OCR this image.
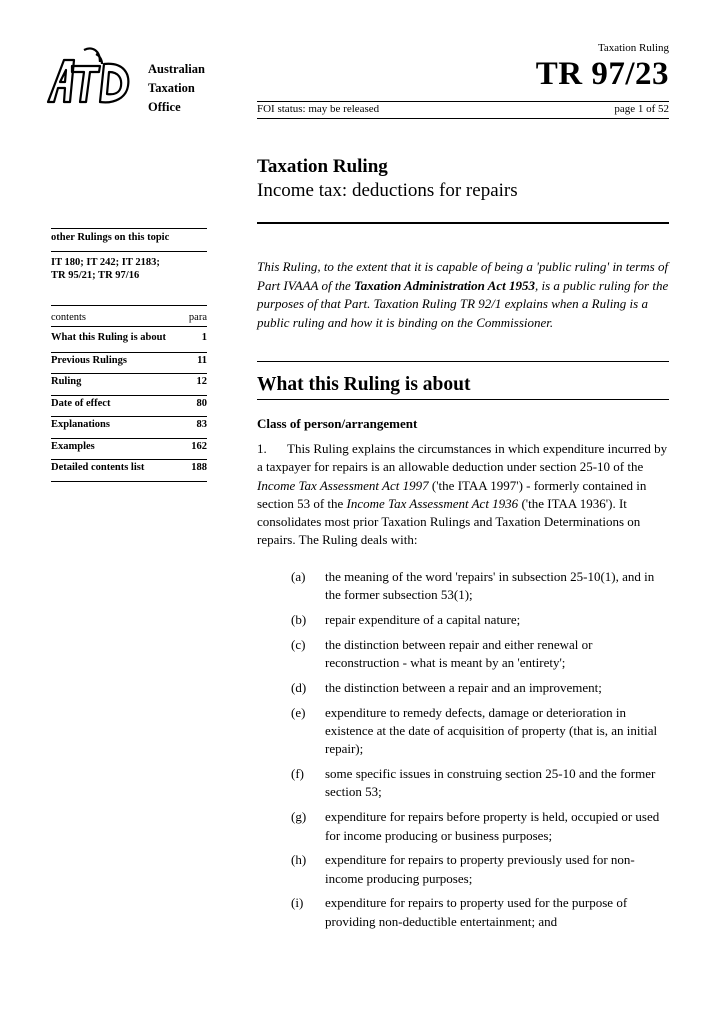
Australian
Taxation
Office
Taxation Ruling
TR 97/23
FOI status: may be released	page 1 of 52
Taxation Ruling
Income tax: deductions for repairs
other Rulings on this topic
IT 180; IT 242; IT 2183;
TR 95/21; TR 97/16
contents	para
What this Ruling is about	1
Previous Rulings	11
Ruling	12
Date of effect	80
Explanations	83
Examples	162
Detailed contents list	188
This Ruling, to the extent that it is capable of being a 'public ruling' in terms of Part IVAAA of the Taxation Administration Act 1953, is a public ruling for the purposes of that Part. Taxation Ruling TR 92/1 explains when a Ruling is a public ruling and how it is binding on the Commissioner.
What this Ruling is about
Class of person/arrangement
1. This Ruling explains the circumstances in which expenditure incurred by a taxpayer for repairs is an allowable deduction under section 25-10 of the Income Tax Assessment Act 1997 ('the ITAA 1997') - formerly contained in section 53 of the Income Tax Assessment Act 1936 ('the ITAA 1936'). It consolidates most prior Taxation Rulings and Taxation Determinations on repairs. The Ruling deals with:
(a)	the meaning of the word 'repairs' in subsection 25-10(1), and in the former subsection 53(1);
(b)	repair expenditure of a capital nature;
(c)	the distinction between repair and either renewal or reconstruction - what is meant by an 'entirety';
(d)	the distinction between a repair and an improvement;
(e)	expenditure to remedy defects, damage or deterioration in existence at the date of acquisition of property (that is, an initial repair);
(f)	some specific issues in construing section 25-10 and the former section 53;
(g)	expenditure for repairs before property is held, occupied or used for income producing or business purposes;
(h)	expenditure for repairs to property previously used for non-income producing purposes;
(i)	expenditure for repairs to property used for the purpose of providing non-deductible entertainment; and
